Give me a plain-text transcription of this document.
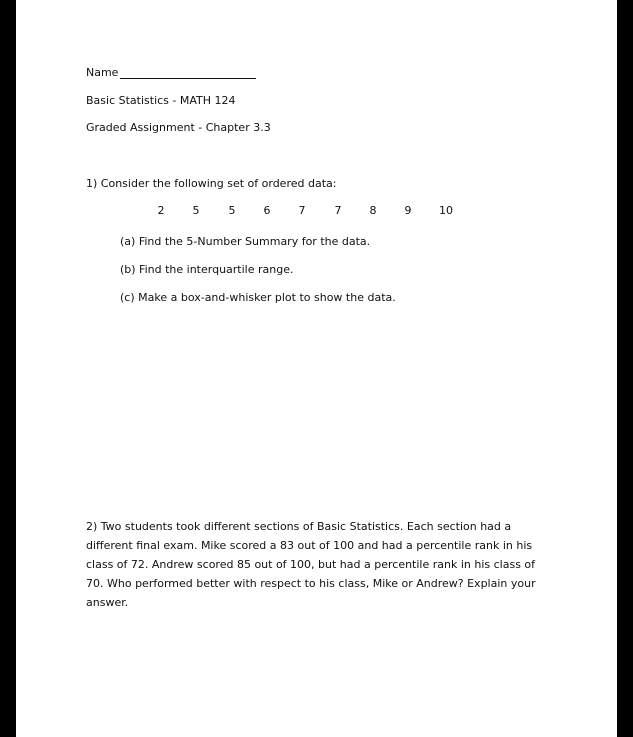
Name
Basic Statistics - MATH 124
Graded Assignment - Chapter 3.3
1) Consider the following set of ordered data:
2	5	5	6	7	7	8	9	10
(a) Find the 5-Number Summary for the data.
(b) Find the interquartile range.
(c) Make a box-and-whisker plot to show the data.
2) Two students took different sections of Basic Statistics. Each section had a different final exam. Mike scored a 83 out of 100 and had a percentile rank in his class of 72. Andrew scored 85 out of 100, but had a percentile rank in his class of 70. Who performed better with respect to his class, Mike or Andrew? Explain your answer.
